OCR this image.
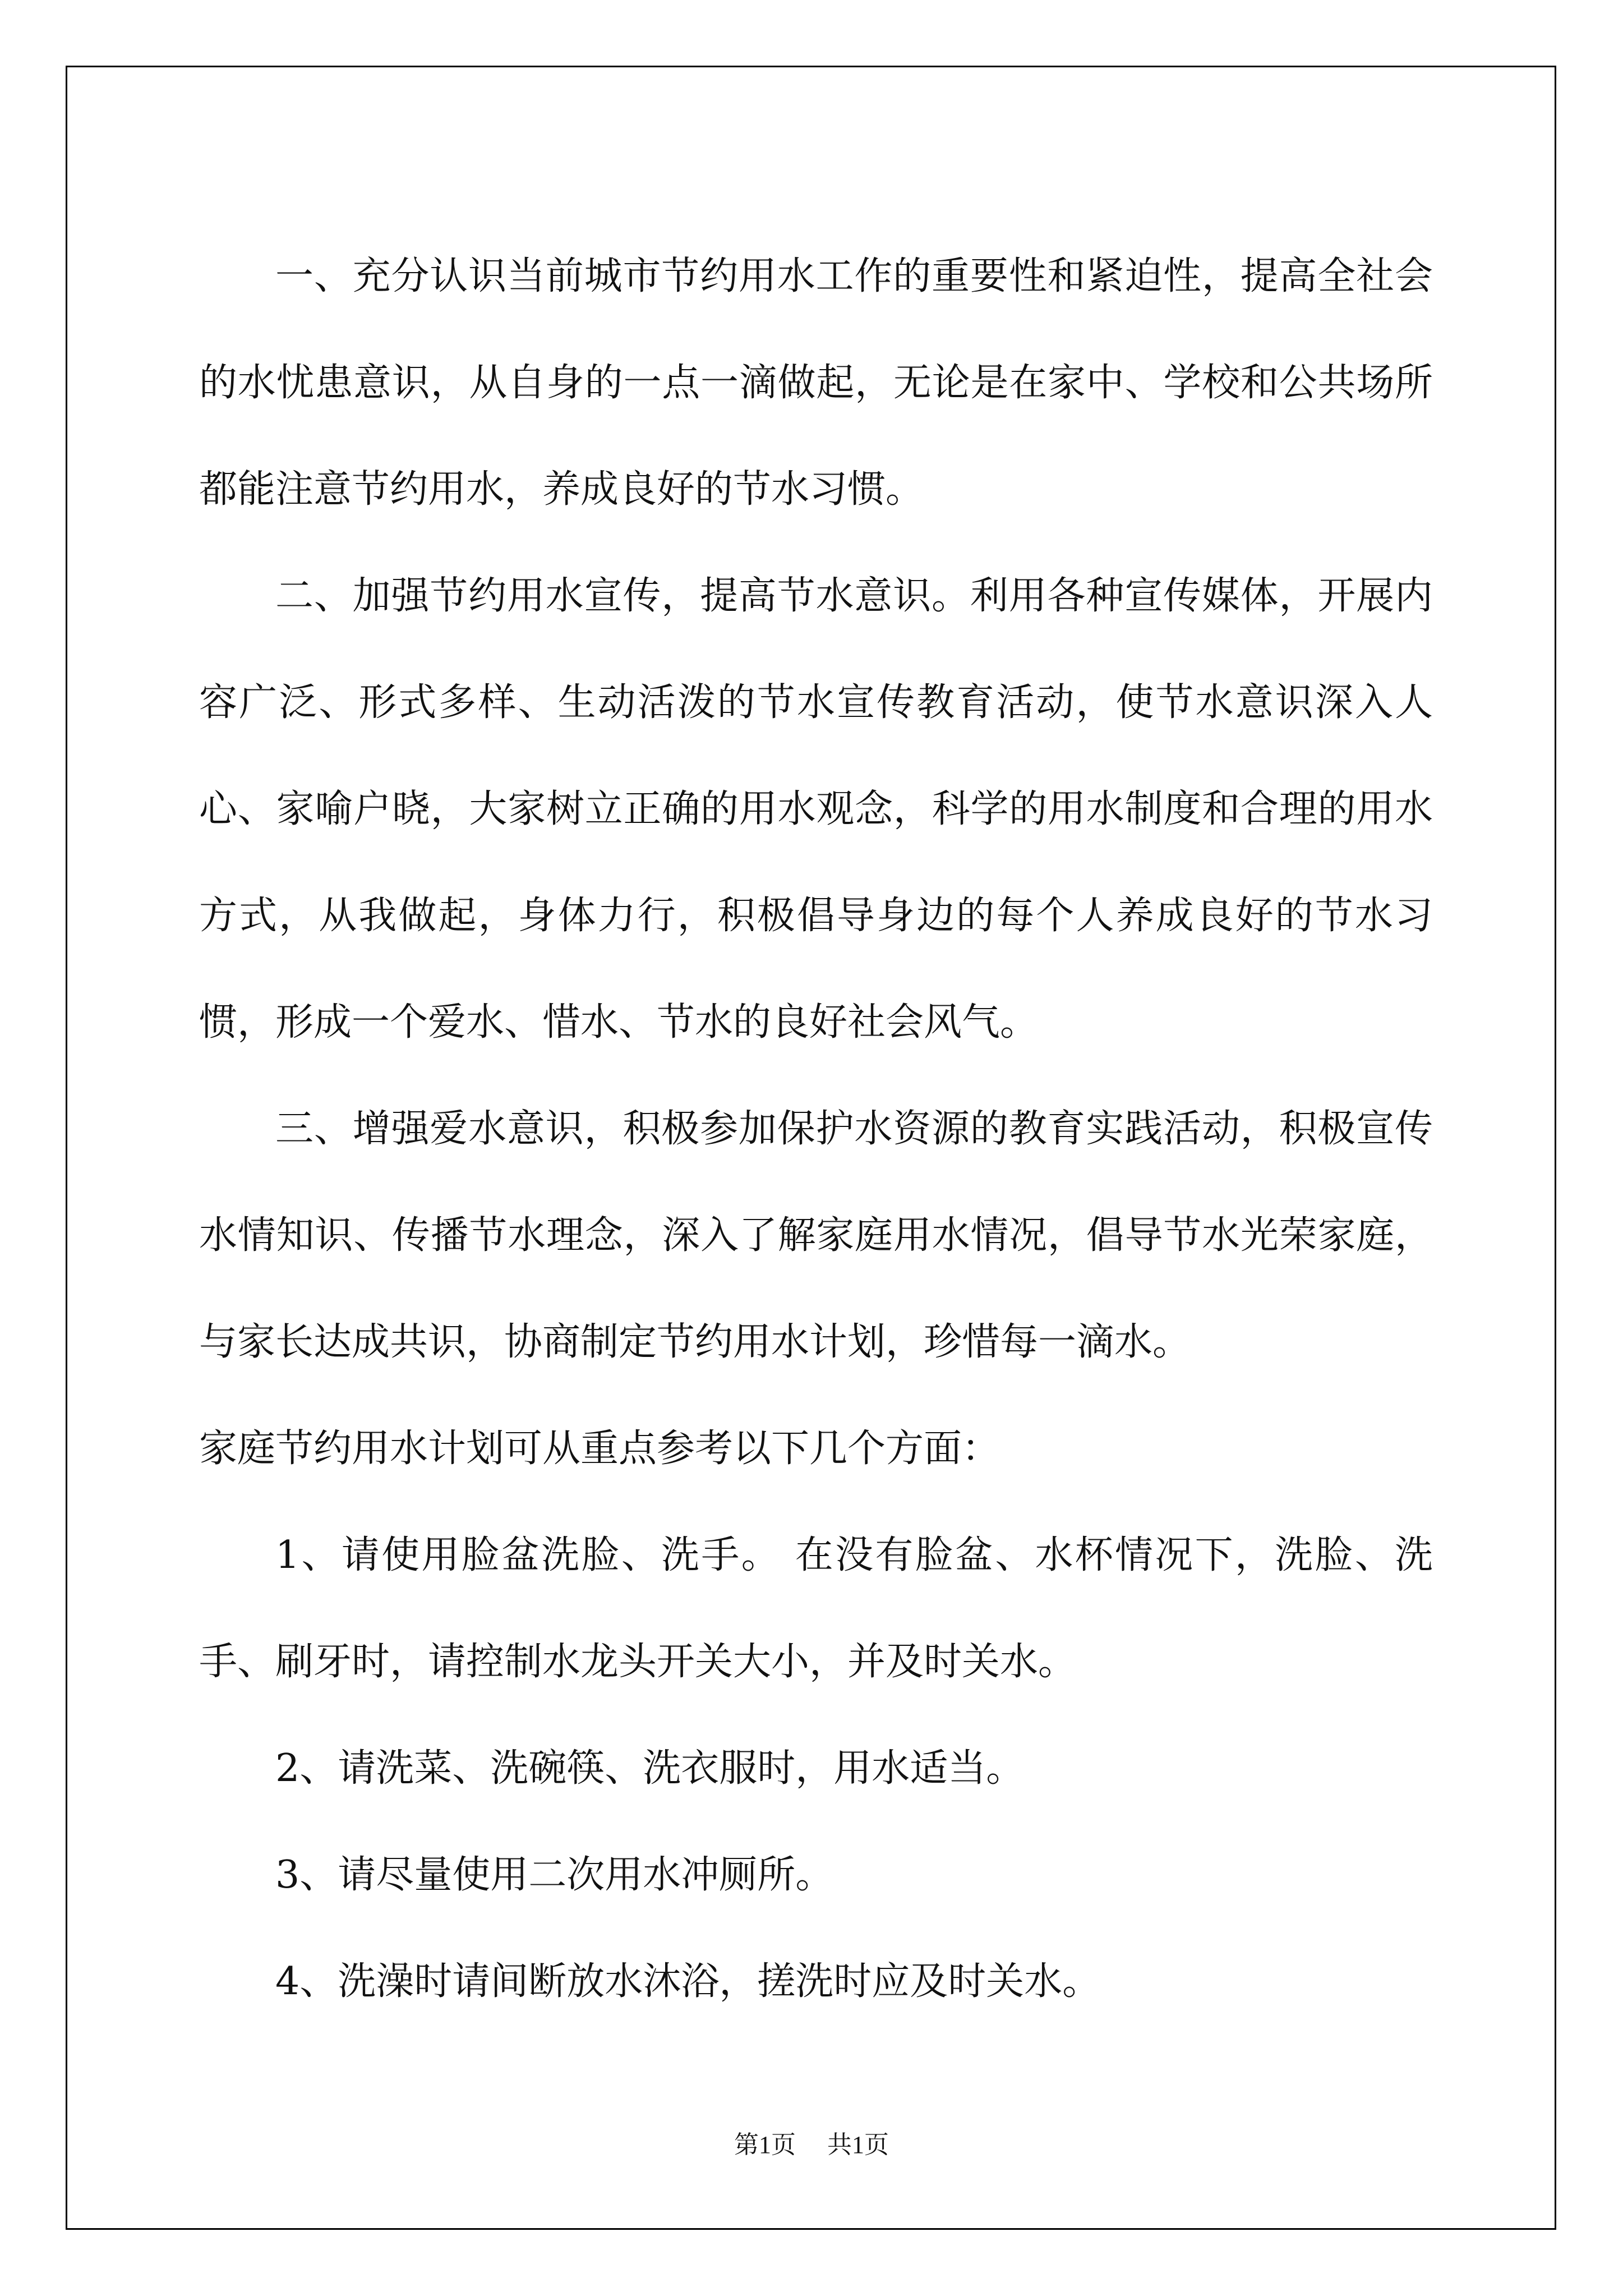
一、充分认识当前城市节约用水工作的重要性和紧迫性，提高全社会的水忧患意识，从自身的一点一滴做起，无论是在家中、学校和公共场所都能注意节约用水，养成良好的节水习惯。

二、加强节约用水宣传，提高节水意识。利用各种宣传媒体，开展内容广泛、形式多样、生动活泼的节水宣传教育活动，使节水意识深入人心、家喻户晓，大家树立正确的用水观念，科学的用水制度和合理的用水方式，从我做起，身体力行，积极倡导身边的每个人养成良好的节水习惯，形成一个爱水、惜水、节水的良好社会风气。

三、增强爱水意识，积极参加保护水资源的教育实践活动，积极宣传水情知识、传播节水理念，深入了解家庭用水情况，倡导节水光荣家庭，与家长达成共识，协商制定节约用水计划，珍惜每一滴水。

家庭节约用水计划可从重点参考以下几个方面：

1、请使用脸盆洗脸、洗手。 在没有脸盆、水杯情况下，洗脸、洗手、刷牙时，请控制水龙头开关大小，并及时关水。

2、请洗菜、洗碗筷、洗衣服时，用水适当。

3、请尽量使用二次用水冲厕所。

4、洗澡时请间断放水沐浴，搓洗时应及时关水。

第1页 共1页
